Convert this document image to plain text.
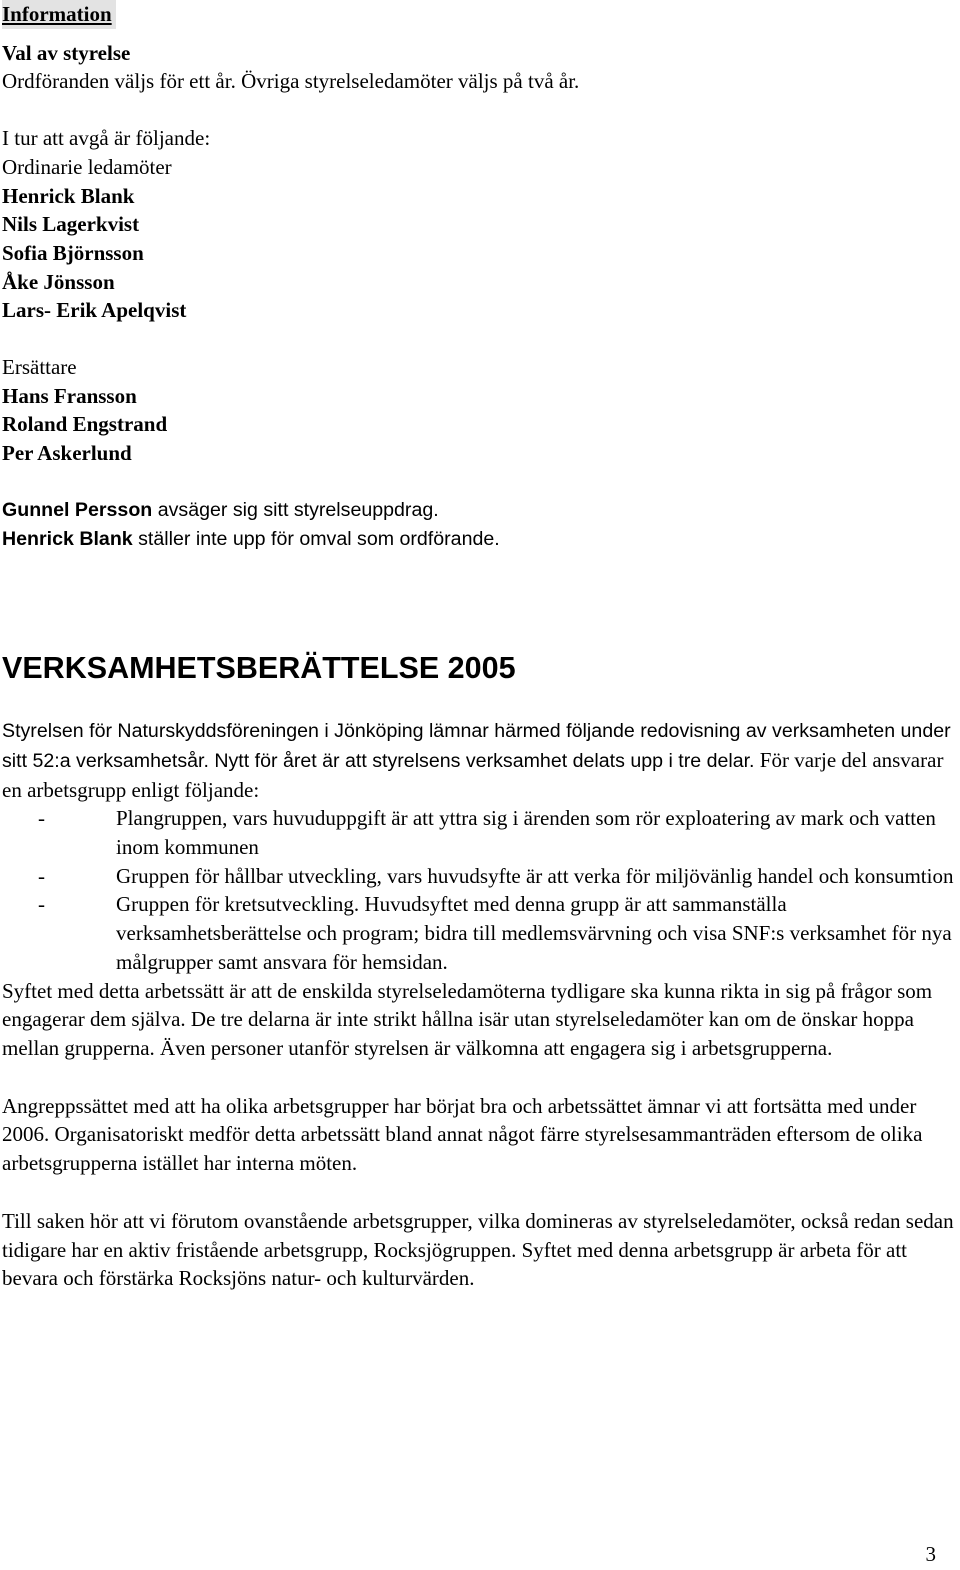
Information
Val av styrelse
Ordföranden väljs för ett år. Övriga styrelseledamöter väljs på två år.
I tur att avgå är följande:
Ordinarie ledamöter
Henrick Blank
Nils Lagerkvist
Sofia Björnsson
Åke Jönsson
Lars- Erik Apelqvist
Ersättare
Hans Fransson
Roland Engstrand
Per Askerlund
Gunnel Persson avsäger sig sitt styrelseuppdrag.
Henrick Blank ställer inte upp för omval som ordförande.
VERKSAMHETSBERÄTTELSE 2005
Styrelsen för Naturskyddsföreningen i Jönköping lämnar härmed följande redovisning av verksamheten under sitt 52:a verksamhetsår. Nytt för året är att styrelsens verksamhet delats upp i tre delar. För varje del ansvarar en arbetsgrupp enligt följande:
-	Plangruppen, vars huvuduppgift är att yttra sig i ärenden som rör exploatering av mark och vatten inom kommunen
-	Gruppen för hållbar utveckling, vars huvudsyfte är att verka för miljövänlig handel och konsumtion
-	Gruppen för kretsutveckling. Huvudsyftet med denna grupp är att sammanställa verksamhetsberättelse och program; bidra till medlemsvärvning och visa SNF:s verksamhet för nya målgrupper samt ansvara för hemsidan.
Syftet med detta arbetssätt är att de enskilda styrelseledamöterna tydligare ska kunna rikta in sig på frågor som engagerar dem själva. De tre delarna är inte strikt hållna isär utan styrelseledamöter kan om de önskar hoppa mellan grupperna. Även personer utanför styrelsen är välkomna att engagera sig i arbetsgrupperna.
Angreppssättet med att ha olika arbetsgrupper har börjat bra och arbetssättet ämnar vi att fortsätta med under 2006. Organisatoriskt medför detta arbetssätt bland annat något färre styrelsesammanträden eftersom de olika arbetsgrupperna istället har interna möten.
Till saken hör att vi förutom ovanstående arbetsgrupper, vilka domineras av styrelseledamöter, också redan sedan tidigare har en aktiv fristående arbetsgrupp, Rocksjögruppen. Syftet med denna arbetsgrupp är arbeta för att bevara och förstärka Rocksjöns natur- och kulturvärden.
3
